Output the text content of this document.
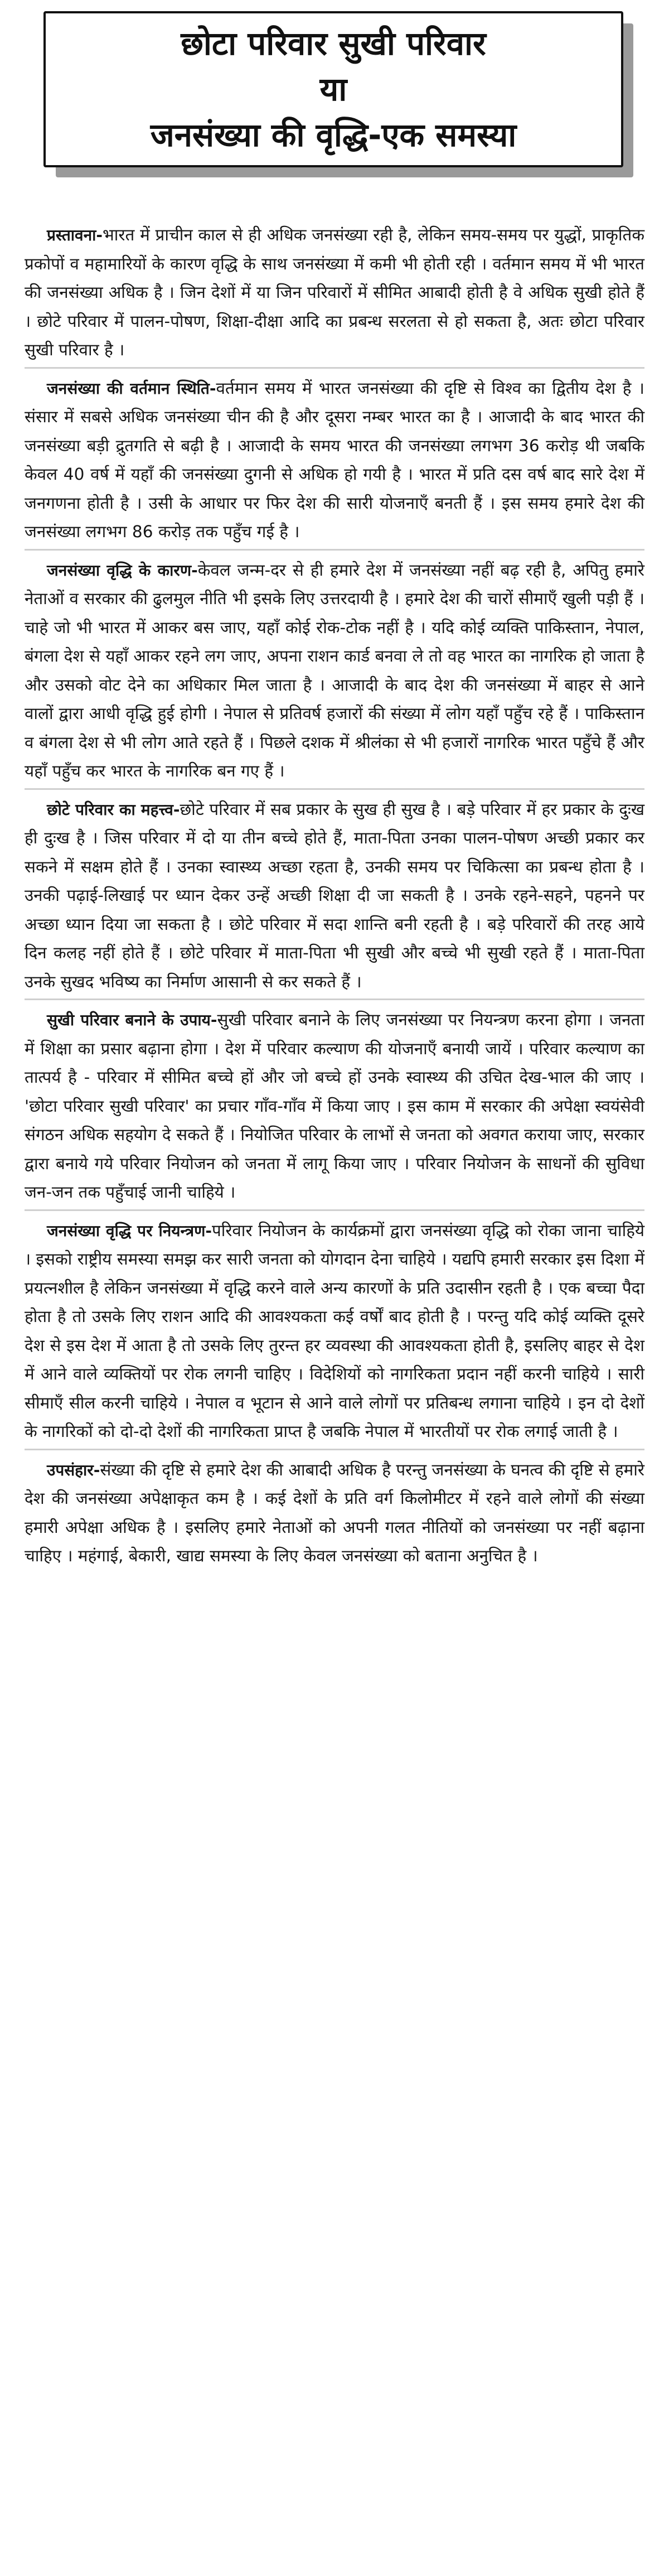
छोटा परिवार सुखी परिवार
या
जनसंख्या की वृद्धि-एक समस्या

प्रस्तावना-भारत में प्राचीन काल से ही अधिक जनसंख्या रही है, लेकिन समय-समय पर युद्धों, प्राकृतिक प्रकोपों व महामारियों के कारण वृद्धि के साथ जनसंख्या में कमी भी होती रही । वर्तमान समय में भी भारत की जनसंख्या अधिक है । जिन देशों में या जिन परिवारों में सीमित आबादी होती है वे अधिक सुखी होते हैं । छोटे परिवार में पालन-पोषण, शिक्षा-दीक्षा आदि का प्रबन्ध सरलता से हो सकता है, अतः छोटा परिवार सुखी परिवार है ।

जनसंख्या की वर्तमान स्थिति-वर्तमान समय में भारत जनसंख्या की दृष्टि से विश्व का द्वितीय देश है । संसार में सबसे अधिक जनसंख्या चीन की है और दूसरा नम्बर भारत का है । आजादी के बाद भारत की जनसंख्या बड़ी द्रुतगति से बढ़ी है । आजादी के समय भारत की जनसंख्या लगभग 36 करोड़ थी जबकि केवल 40 वर्ष में यहाँ की जनसंख्या दुगनी से अधिक हो गयी है । भारत में प्रति दस वर्ष बाद सारे देश में जनगणना होती है । उसी के आधार पर फिर देश की सारी योजनाएँ बनती हैं । इस समय हमारे देश की जनसंख्या लगभग 86 करोड़ तक पहुँच गई है ।

जनसंख्या वृद्धि के कारण-केवल जन्म-दर से ही हमारे देश में जनसंख्या नहीं बढ़ रही है, अपितु हमारे नेताओं व सरकार की ढुलमुल नीति भी इसके लिए उत्तरदायी है । हमारे देश की चारों सीमाएँ खुली पड़ी हैं । चाहे जो भी भारत में आकर बस जाए, यहाँ कोई रोक-टोक नहीं है । यदि कोई व्यक्ति पाकिस्तान, नेपाल, बंगला देश से यहाँ आकर रहने लग जाए, अपना राशन कार्ड बनवा ले तो वह भारत का नागरिक हो जाता है और उसको वोट देने का अधिकार मिल जाता है । आजादी के बाद देश की जनसंख्या में बाहर से आने वालों द्वारा आधी वृद्धि हुई होगी । नेपाल से प्रतिवर्ष हजारों की संख्या में लोग यहाँ पहुँच रहे हैं । पाकिस्तान व बंगला देश से भी लोग आते रहते हैं । पिछले दशक में श्रीलंका से भी हजारों नागरिक भारत पहुँचे हैं और यहाँ पहुँच कर भारत के नागरिक बन गए हैं ।

छोटे परिवार का महत्त्व-छोटे परिवार में सब प्रकार के सुख ही सुख है । बड़े परिवार में हर प्रकार के दुःख ही दुःख है । जिस परिवार में दो या तीन बच्चे होते हैं, माता-पिता उनका पालन-पोषण अच्छी प्रकार कर सकने में सक्षम होते हैं । उनका स्वास्थ्य अच्छा रहता है, उनकी समय पर चिकित्सा का प्रबन्ध होता है । उनकी पढ़ाई-लिखाई पर ध्यान देकर उन्हें अच्छी शिक्षा दी जा सकती है । उनके रहने-सहने, पहनने पर अच्छा ध्यान दिया जा सकता है । छोटे परिवार में सदा शान्ति बनी रहती है । बड़े परिवारों की तरह आये दिन कलह नहीं होते हैं । छोटे परिवार में माता-पिता भी सुखी और बच्चे भी सुखी रहते हैं । माता-पिता उनके सुखद भविष्य का निर्माण आसानी से कर सकते हैं ।

सुखी परिवार बनाने के उपाय-सुखी परिवार बनाने के लिए जनसंख्या पर नियन्त्रण करना होगा । जनता में शिक्षा का प्रसार बढ़ाना होगा । देश में परिवार कल्याण की योजनाएँ बनायी जायें । परिवार कल्याण का तात्पर्य है - परिवार में सीमित बच्चे हों और जो बच्चे हों उनके स्वास्थ्य की उचित देख-भाल की जाए । 'छोटा परिवार सुखी परिवार' का प्रचार गाँव-गाँव में किया जाए । इस काम में सरकार की अपेक्षा स्वयंसेवी संगठन अधिक सहयोग दे सकते हैं । नियोजित परिवार के लाभों से जनता को अवगत कराया जाए, सरकार द्वारा बनाये गये परिवार नियोजन को जनता में लागू किया जाए । परिवार नियोजन के साधनों की सुविधा जन-जन तक पहुँचाई जानी चाहिये ।

जनसंख्या वृद्धि पर नियन्त्रण-परिवार नियोजन के कार्यक्रमों द्वारा जनसंख्या वृद्धि को रोका जाना चाहिये । इसको राष्ट्रीय समस्या समझ कर सारी जनता को योगदान देना चाहिये । यद्यपि हमारी सरकार इस दिशा में प्रयत्नशील है लेकिन जनसंख्या में वृद्धि करने वाले अन्य कारणों के प्रति उदासीन रहती है । एक बच्चा पैदा होता है तो उसके लिए राशन आदि की आवश्यकता कई वर्षों बाद होती है । परन्तु यदि कोई व्यक्ति दूसरे देश से इस देश में आता है तो उसके लिए तुरन्त हर व्यवस्था की आवश्यकता होती है, इसलिए बाहर से देश में आने वाले व्यक्तियों पर रोक लगनी चाहिए । विदेशियों को नागरिकता प्रदान नहीं करनी चाहिये । सारी सीमाएँ सील करनी चाहिये । नेपाल व भूटान से आने वाले लोगों पर प्रतिबन्ध लगाना चाहिये । इन दो देशों के नागरिकों को दो-दो देशों की नागरिकता प्राप्त है जबकि नेपाल में भारतीयों पर रोक लगाई जाती है ।

उपसंहार-संख्या की दृष्टि से हमारे देश की आबादी अधिक है परन्तु जनसंख्या के घनत्व की दृष्टि से हमारे देश की जनसंख्या अपेक्षाकृत कम है । कई देशों के प्रति वर्ग किलोमीटर में रहने वाले लोगों की संख्या हमारी अपेक्षा अधिक है । इसलिए हमारे नेताओं को अपनी गलत नीतियों को जनसंख्या पर नहीं बढ़ाना चाहिए । महंगाई, बेकारी, खाद्य समस्या के लिए केवल जनसंख्या को बताना अनुचित है ।
